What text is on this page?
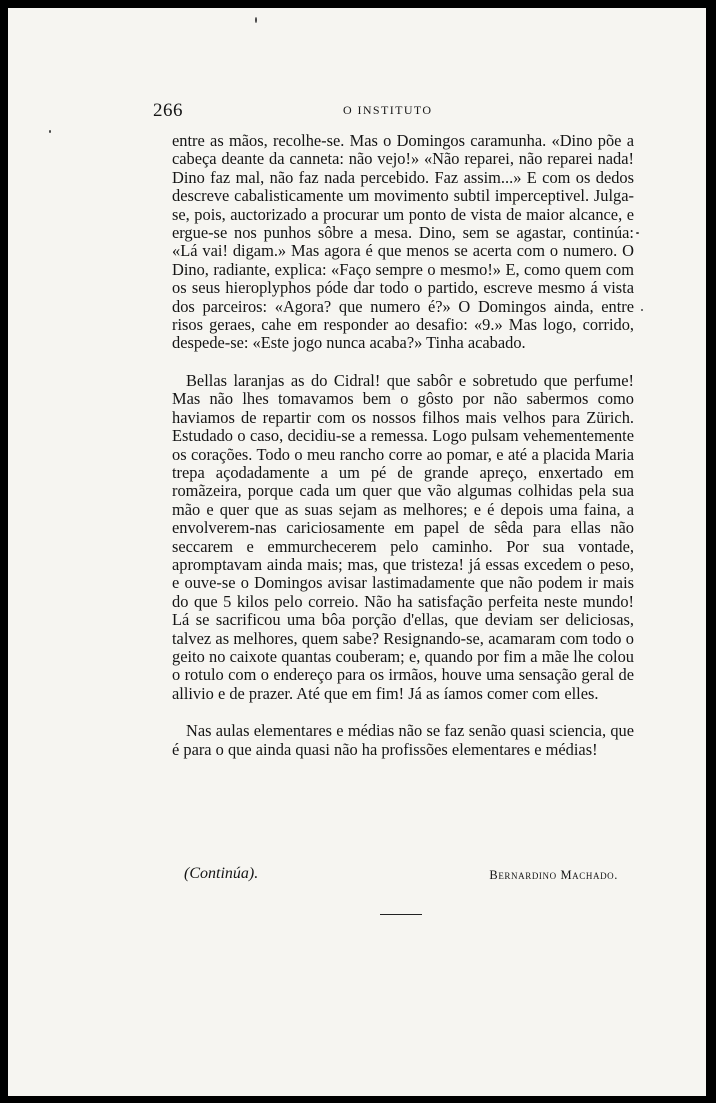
266	O INSTITUTO

entre as mãos, recolhe-se. Mas o Domingos caramunha. «Dino põe a cabeça deante da canneta: não vejo!» «Não reparei, não reparei nada! Dino faz mal, não faz nada percebido. Faz assim...» E com os dedos descreve cabalisticamente um movimento subtil imperceptivel. Julga-se, pois, auctorizado a procurar um ponto de vista de maior alcance, e ergue-se nos punhos sôbre a mesa. Dino, sem se agastar, continúa: «Lá vai! digam.» Mas agora é que menos se acerta com o numero. O Dino, radiante, explica: «Faço sempre o mesmo!» E, como quem com os seus hieroplyphos póde dar todo o partido, escreve mesmo á vista dos parceiros: «Agora? que numero é?» O Domingos ainda, entre risos geraes, cahe em responder ao desafio: «9.» Mas logo, corrido, despede-se: «Este jogo nunca acaba?» Tinha acabado.

Bellas laranjas as do Cidral! que sabôr e sobretudo que perfume! Mas não lhes tomavamos bem o gôsto por não sabermos como haviamos de repartir com os nossos filhos mais velhos para Zürich. Estudado o caso, decidiu-se a remessa. Logo pulsam vehementemente os corações. Todo o meu rancho corre ao pomar, e até a placida Maria trepa açodadamente a um pé de grande apreço, enxertado em romãzeira, porque cada um quer que vão algumas colhidas pela sua mão e quer que as suas sejam as melhores; e é depois uma faina, a envolverem-nas cariciosamente em papel de sêda para ellas não seccarem e emmurchecerem pelo caminho. Por sua vontade, apromptavam ainda mais; mas, que tristeza! já essas excedem o peso, e ouve-se o Domingos avisar lastimadamente que não podem ir mais do que 5 kilos pelo correio. Não ha satisfação perfeita neste mundo! Lá se sacrificou uma bôa porção d'ellas, que deviam ser deliciosas, talvez as melhores, quem sabe? Resignando-se, acamaram com todo o geito no caixote quantas couberam; e, quando por fim a mãe lhe colou o rotulo com o endereço para os irmãos, houve uma sensação geral de allivio e de prazer. Até que em fim! Já as íamos comer com elles.

Nas aulas elementares e médias não se faz senão quasi sciencia, que é para o que ainda quasi não ha profissões elementares e médias!

(Continúa).	Bernardino Machado.
